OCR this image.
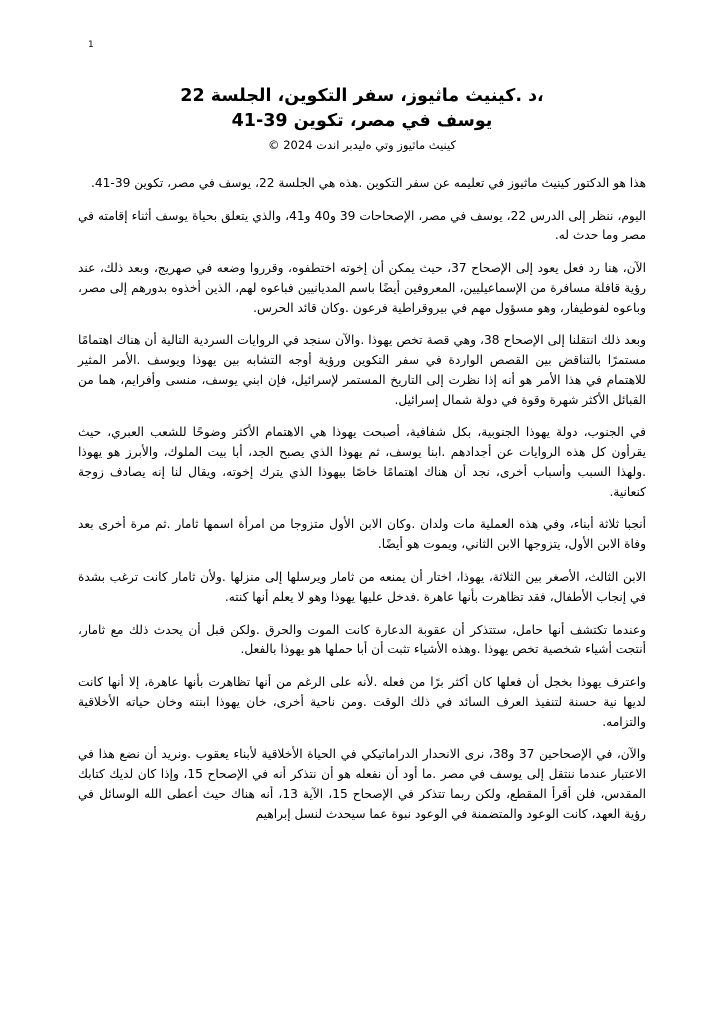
1
،د .كينيث ماثيوز، سفر التكوين، الجلسة 22
يوسف في مصر، تكوين 39-41
كينيث ماثيوز وتي ەليدبر اندت 2024 ©

هذا هو الدكتور كينيث ماثيوز في تعليمه عن سفر التكوين .هذه هي الجلسة 22، يوسف في مصر، تكوين 39-41.

اليوم، ننظر إلى الدرس 22، يوسف في مصر، الإصحاحات 39 و40 و41، والذي يتعلق بحياة يوسف أثناء إقامته في مصر وما حدث له.

الآن، هنا رد فعل يعود إلى الإصحاح 37، حيث يمكن أن إخوته اختطفوه، وقرروا وضعه في صهريج، وبعد ذلك، عند رؤية قافلة مسافرة من الإسماعيليين، المعروفين أيضًا باسم المديانيين فباعوه لهم، الذين أخذوه بدورهم إلى مصر، وباعوه لفوطيفار، وهو مسؤول مهم في بيروقراطية فرعون .وكان قائد الحرس.

وبعد ذلك انتقلنا إلى الإصحاح 38، وهي قصة تخص يهوذا .والآن سنجد في الروايات السردية التالية أن هناك اهتمامًا مستمرًا بالتناقض بين القصص الواردة في سفر التكوين ورؤية أوجه التشابه بين يهوذا ويوسف .الأمر المثير للاهتمام في هذا الأمر هو أنه إذا نظرت إلى التاريخ المستمر لإسرائيل، فإن ابني يوسف، منسى وأفرايم، هما من القبائل الأكثر شهرة وقوة في دولة شمال إسرائيل.

في الجنوب، دولة يهوذا الجنوبية، بكل شفافية، أصبحت يهوذا هي الاهتمام الأكثر وضوحًا للشعب العبري، حيث يقرأون كل هذه الروايات عن أجدادهم .ابنا يوسف، ثم يهوذا الذي يصبح الجد، أبا بيت الملوك، والأبرز هو يهوذا .ولهذا السبب وأسباب أخرى، نجد أن هناك اهتمامًا خاصًا بيهوذا الذي يترك إخوته، ويقال لنا إنه يصادف زوجة كنعانية.

أنجبا ثلاثة أبناء، وفي هذه العملية مات ولدان .وكان الابن الأول متزوجا من امرأة اسمها ثامار .ثم مرة أخرى بعد وفاة الابن الأول، يتزوجها الابن الثاني، ويموت هو أيضًا.

الابن الثالث، الأصغر بين الثلاثة، يهوذا، اختار أن يمنعه من ثامار ويرسلها إلى منزلها .ولأن ثامار كانت ترغب بشدة في إنجاب الأطفال، فقد تظاهرت بأنها عاهرة .فدخل عليها يهوذا وهو لا يعلم أنها كنته.

وعندما تكتشف أنها حامل، ستتذكر أن عقوبة الدعارة كانت الموت والحرق .ولكن قبل أن يحدث ذلك مع ثامار، أنتجت أشياء شخصية تخص يهوذا .وهذه الأشياء تثبت أن أبا حملها هو يهوذا بالفعل.

واعترف يهوذا بخجل أن فعلها كان أكثر برًا من فعله .لأنه على الرغم من أنها تظاهرت بأنها عاهرة، إلا أنها كانت لديها نية حسنة لتنفيذ العرف السائد في ذلك الوقت .ومن ناحية أخرى، خان يهوذا ابنته وخان حياته الأخلاقية والتزامه.

والآن، في الإصحاحين 37 و38، نرى الانحدار الدراماتيكي في الحياة الأخلاقية لأبناء يعقوب .ونريد أن نضع هذا في الاعتبار عندما ننتقل إلى يوسف في مصر .ما أود أن نفعله هو أن نتذكر أنه في الإصحاح 15، وإذا كان لديك كتابك المقدس، فلن أقرأ المقطع، ولكن ربما تتذكر في الإصحاح 15، الآية 13، أنه هناك حيث أعطى الله الوسائل في رؤية العهد، كانت الوعود والمتضمنة في الوعود نبوة عما سيحدث لنسل إبراهيم
